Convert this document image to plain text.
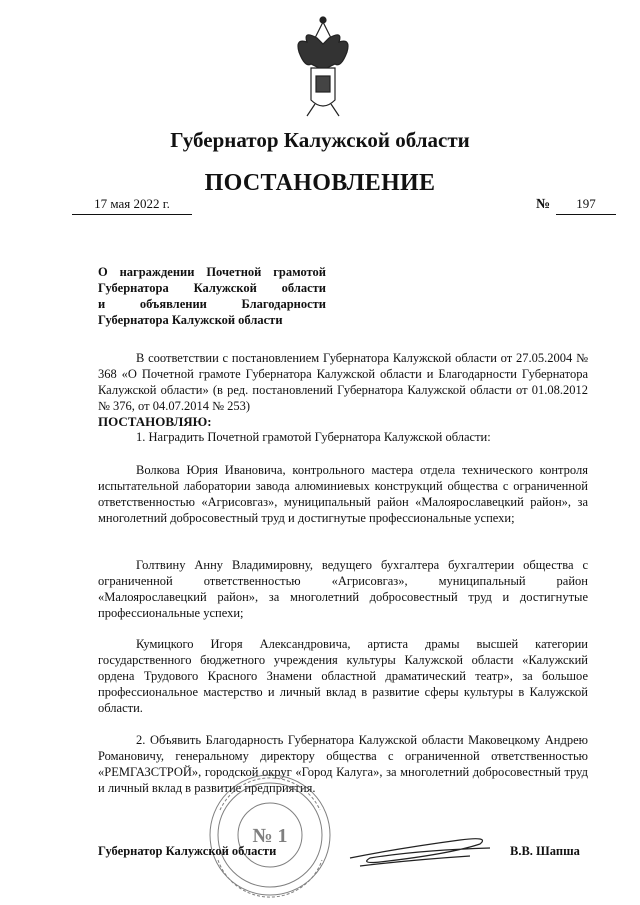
Губернатор Калужской области
ПОСТАНОВЛЕНИЕ
17 мая 2022 г.	№	197
О награждении Почетной грамотой
Губернатора Калужской области
и объявлении Благодарности
Губернатора Калужской области
В соответствии с постановлением Губернатора Калужской области от 27.05.2004 № 368 «О Почетной грамоте Губернатора Калужской области и Благодарности Губернатора Калужской области» (в ред. постановлений Губернатора Калужской области от 01.08.2012 № 376, от 04.07.2014 № 253)
ПОСТАНОВЛЯЮ:
1. Наградить Почетной грамотой Губернатора Калужской области:
Волкова Юрия Ивановича, контрольного мастера отдела технического контроля испытательной лаборатории завода алюминиевых конструкций общества с ограниченной ответственностью «Агрисовгаз», муниципальный район «Малоярославецкий район», за многолетний добросовестный труд и достигнутые профессиональные успехи;
Голтвину Анну Владимировну, ведущего бухгалтера бухгалтерии общества с ограниченной ответственностью «Агрисовгаз», муниципальный район «Малоярославецкий район», за многолетний добросовестный труд и достигнутые профессиональные успехи;
Кумицкого Игоря Александровича, артиста драмы высшей категории государственного бюджетного учреждения культуры Калужской области «Калужский ордена Трудового Красного Знамени областной драматический театр», за большое профессиональное мастерство и личный вклад в развитие сферы культуры в Калужской области.
2. Объявить Благодарность Губернатора Калужской области Маковецкому Андрею Романовичу, генеральному директору общества с ограниченной ответственностью «РЕМГАЗСТРОЙ», городской округ «Город Калуга», за многолетний добросовестный труд и личный вклад в развитие предприятия.
№ 1
Губернатор Калужской области	В.В. Шапша
